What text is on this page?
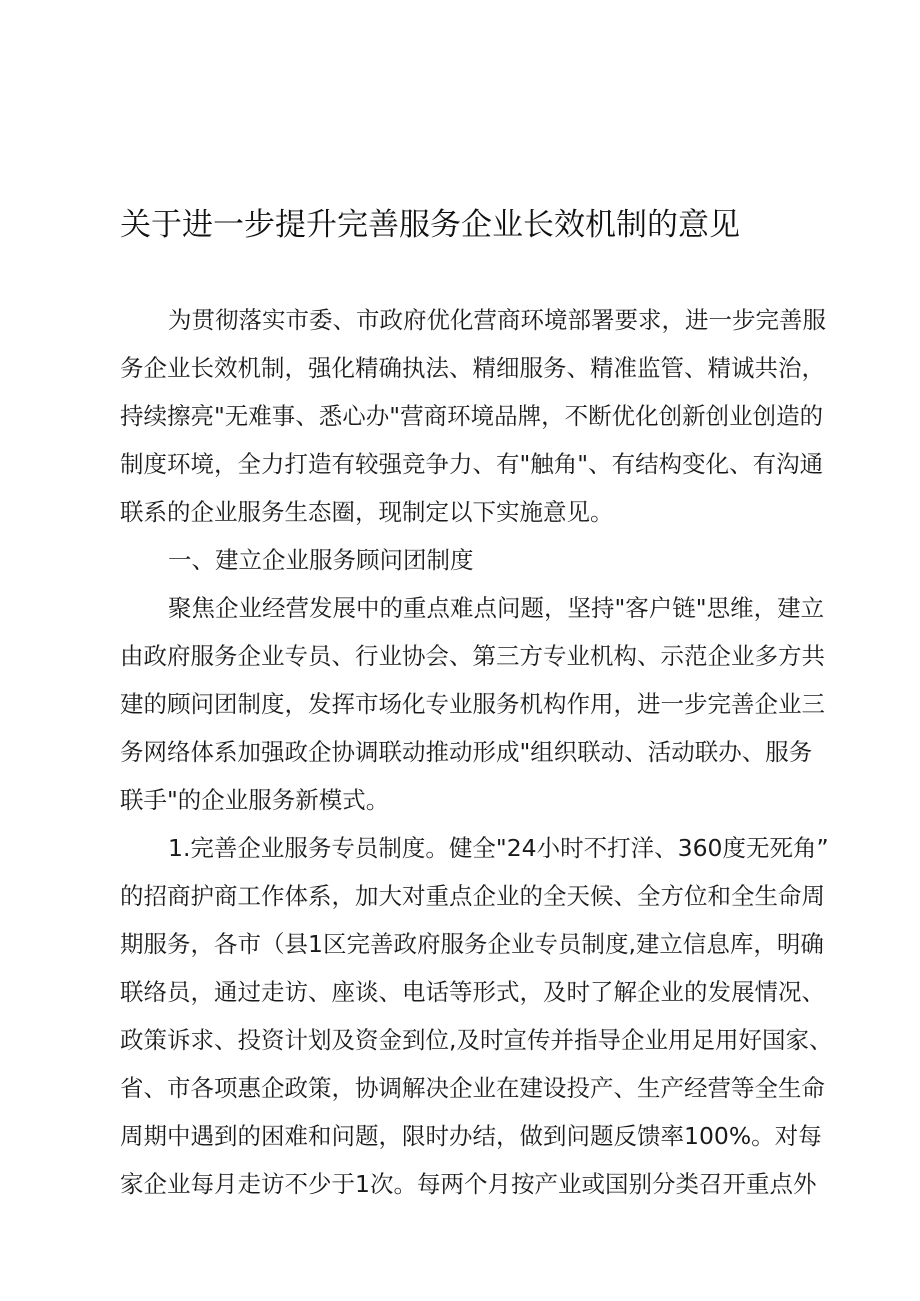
关于进一步提升完善服务企业长效机制的意见
为贯彻落实市委、市政府优化营商环境部署要求，进一步完善服
务企业长效机制，强化精确执法、精细服务、精准监管、精诚共治，
持续擦亮"无难事、悉心办"营商环境品牌，不断优化创新创业创造的
制度环境，全力打造有较强竞争力、有"触角"、有结构变化、有沟通
联系的企业服务生态圈，现制定以下实施意见。
一、建立企业服务顾问团制度
聚焦企业经营发展中的重点难点问题，坚持"客户链"思维，建立
由政府服务企业专员、行业协会、第三方专业机构、示范企业多方共
建的顾问团制度，发挥市场化专业服务机构作用，进一步完善企业三
务网络体系加强政企协调联动推动形成"组织联动、活动联办、服务
联手"的企业服务新模式。
1.完善企业服务专员制度。健全"24小时不打洋、360度无死角”
的招商护商工作体系，加大对重点企业的全天候、全方位和全生命周
期服务，各市（县1区完善政府服务企业专员制度,建立信息库，明确
联络员，通过走访、座谈、电话等形式，及时了解企业的发展情况、
政策诉求、投资计划及资金到位,及时宣传并指导企业用足用好国家、
省、市各项惠企政策，协调解决企业在建设投产、生产经营等全生命
周期中遇到的困难和问题，限时办结，做到问题反馈率100%。对每
家企业每月走访不少于1次。每两个月按产业或国别分类召开重点外
